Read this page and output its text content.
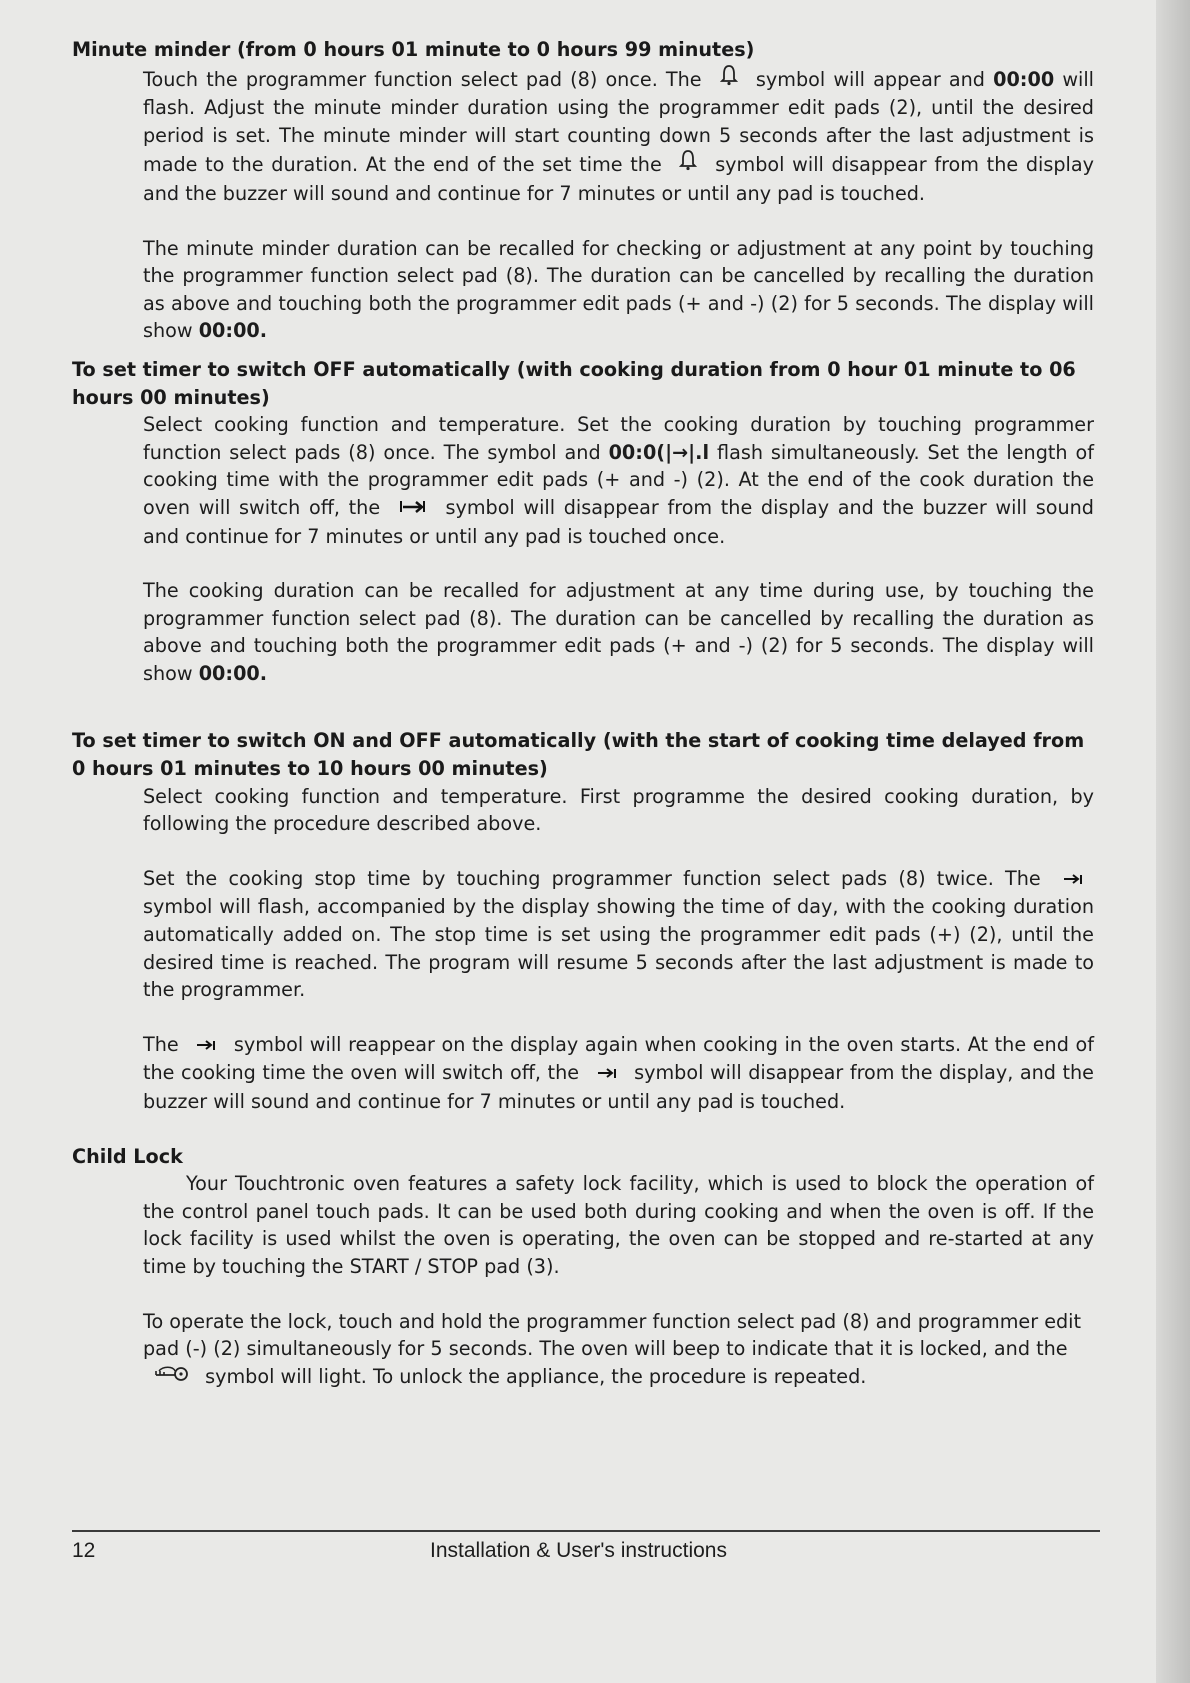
Minute minder (from 0 hours 01 minute to 0 hours 99 minutes)

Touch the programmer function select pad (8) once. The	symbol will appear and 00:00 will flash. Adjust the minute minder duration using the programmer edit pads (2), until the desired period is set. The minute minder will start counting down 5 seconds after the last adjustment is made to the duration. At the end of the set time the	symbol will disappear from the display and the buzzer will sound and continue for 7 minutes or until any pad is touched.

The minute minder duration can be recalled for checking or adjustment at any point by touching the programmer function select pad (8). The duration can be cancelled by recalling the duration as above and touching both the programmer edit pads (+ and -) (2) for 5 seconds. The display will show 00:00.

To set timer to switch OFF automatically (with cooking duration from 0 hour 01 minute to 06 hours 00 minutes)

Select cooking function and temperature. Set the cooking duration by touching programmer function select pads (8) once. The symbol and 00:0(|→|.l flash simultaneously. Set the length of cooking time with the programmer edit pads (+ and -) (2). At the end of the cook duration the oven will switch off, the	symbol will disappear from the display and the buzzer will sound and continue for 7 minutes or until any pad is touched once.

The cooking duration can be recalled for adjustment at any time during use, by touching the programmer function select pad (8). The duration can be cancelled by recalling the duration as above and touching both the programmer edit pads (+ and -) (2) for 5 seconds. The display will show 00:00.

To set timer to switch ON and OFF automatically (with the start of cooking time delayed from 0 hours 01 minutes to 10 hours 00 minutes)

Select cooking function and temperature. First programme the desired cooking duration, by following the procedure described above.

Set the cooking stop time by touching programmer function select pads (8) twice. The  symbol will flash, accompanied by the display showing the time of day, with the cooking duration automatically added on. The stop time is set using the programmer edit pads (+) (2), until the desired time is reached. The program will resume 5 seconds after the last adjustment is made to the programmer.

The	symbol will reappear on the display again when cooking in the oven starts. At the end of the cooking time the oven will switch off, the	symbol will disappear from the display, and the buzzer will sound and continue for 7 minutes or until any pad is touched.

Child Lock

Your Touchtronic oven features a safety lock facility, which is used to block the operation of the control panel touch pads. It can be used both during cooking and when the oven is off. If the lock facility is used whilst the oven is operating, the oven can be stopped and re-started at any time by touching the START / STOP pad (3).

To operate the lock, touch and hold the programmer function select pad (8) and programmer edit pad (-) (2) simultaneously for 5 seconds. The oven will beep to indicate that it is locked, and the  symbol will light. To unlock the appliance, the procedure is repeated.

12	Installation & User's instructions
